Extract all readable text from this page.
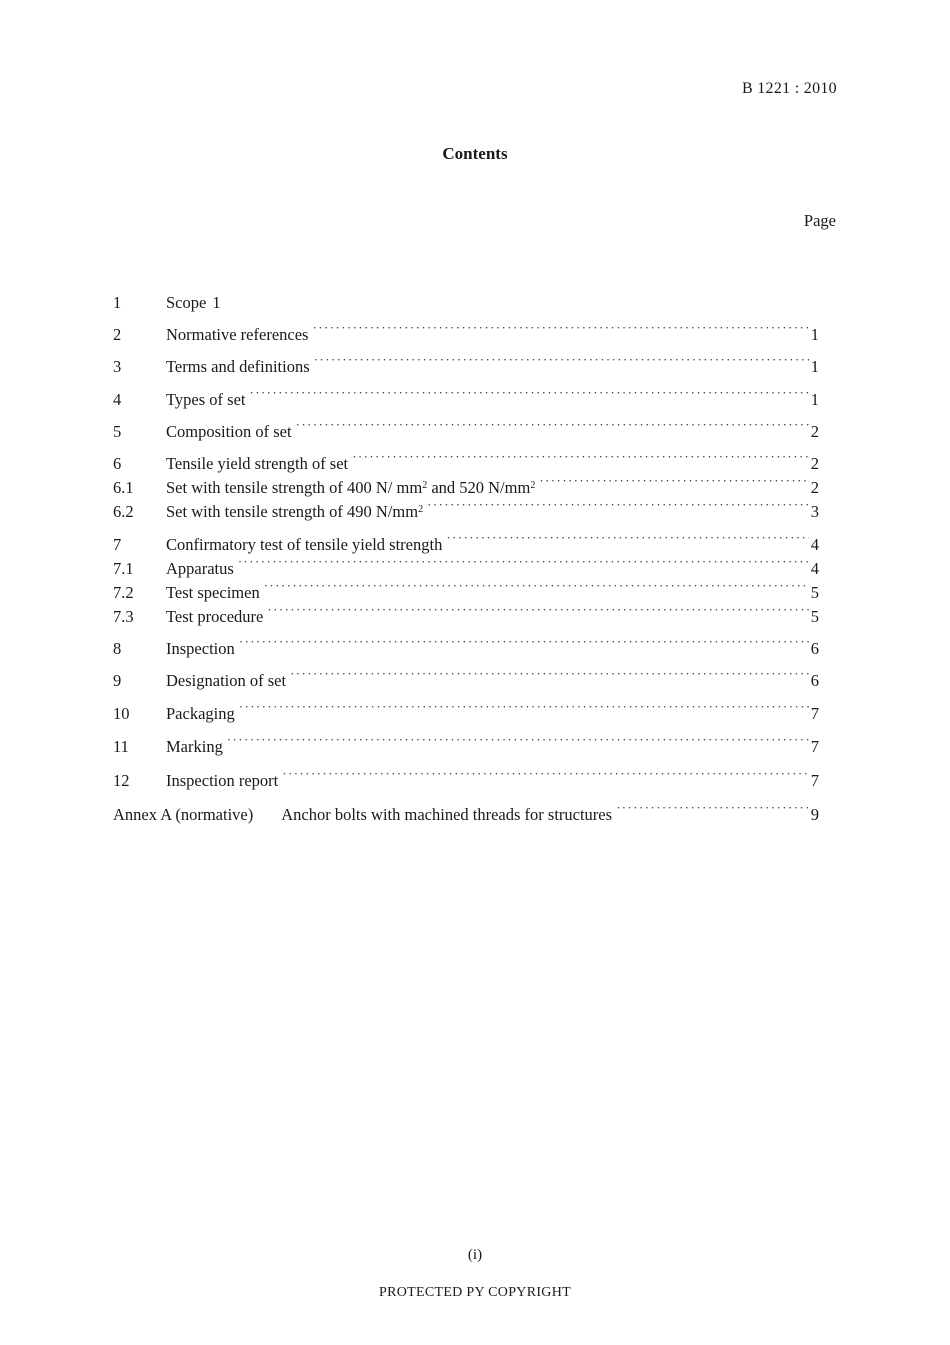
B 1221 : 2010
Contents
Page
1	Scope 1
2	Normative references ·····	1
3	Terms and definitions ·····	1
4	Types of set ·····	1
5	Composition of set ·····	2
6	Tensile yield strength of set ·····	2
6.1	Set with tensile strength of 400 N/ $mm^2$ and 520 $N/mm^2$ ·····	2
6.2	Set with tensile strength of 490 $N/mm^2$ ·····	3
7	Confirmatory test of tensile yield strength ·····	4
7.1	Apparatus ·····	4
7.2	Test specimen ·····	5
7.3	Test procedure ·····	5
8	Inspection ·····	6
9	Designation of set ·····	6
10	Packaging ·····	7
11	Marking ·····	7
12	Inspection report ·····	7
Annex A (normative)	Anchor bolts with machined threads for structures ·····	9
(i)
PROTECTED PY COPYRIGHT
